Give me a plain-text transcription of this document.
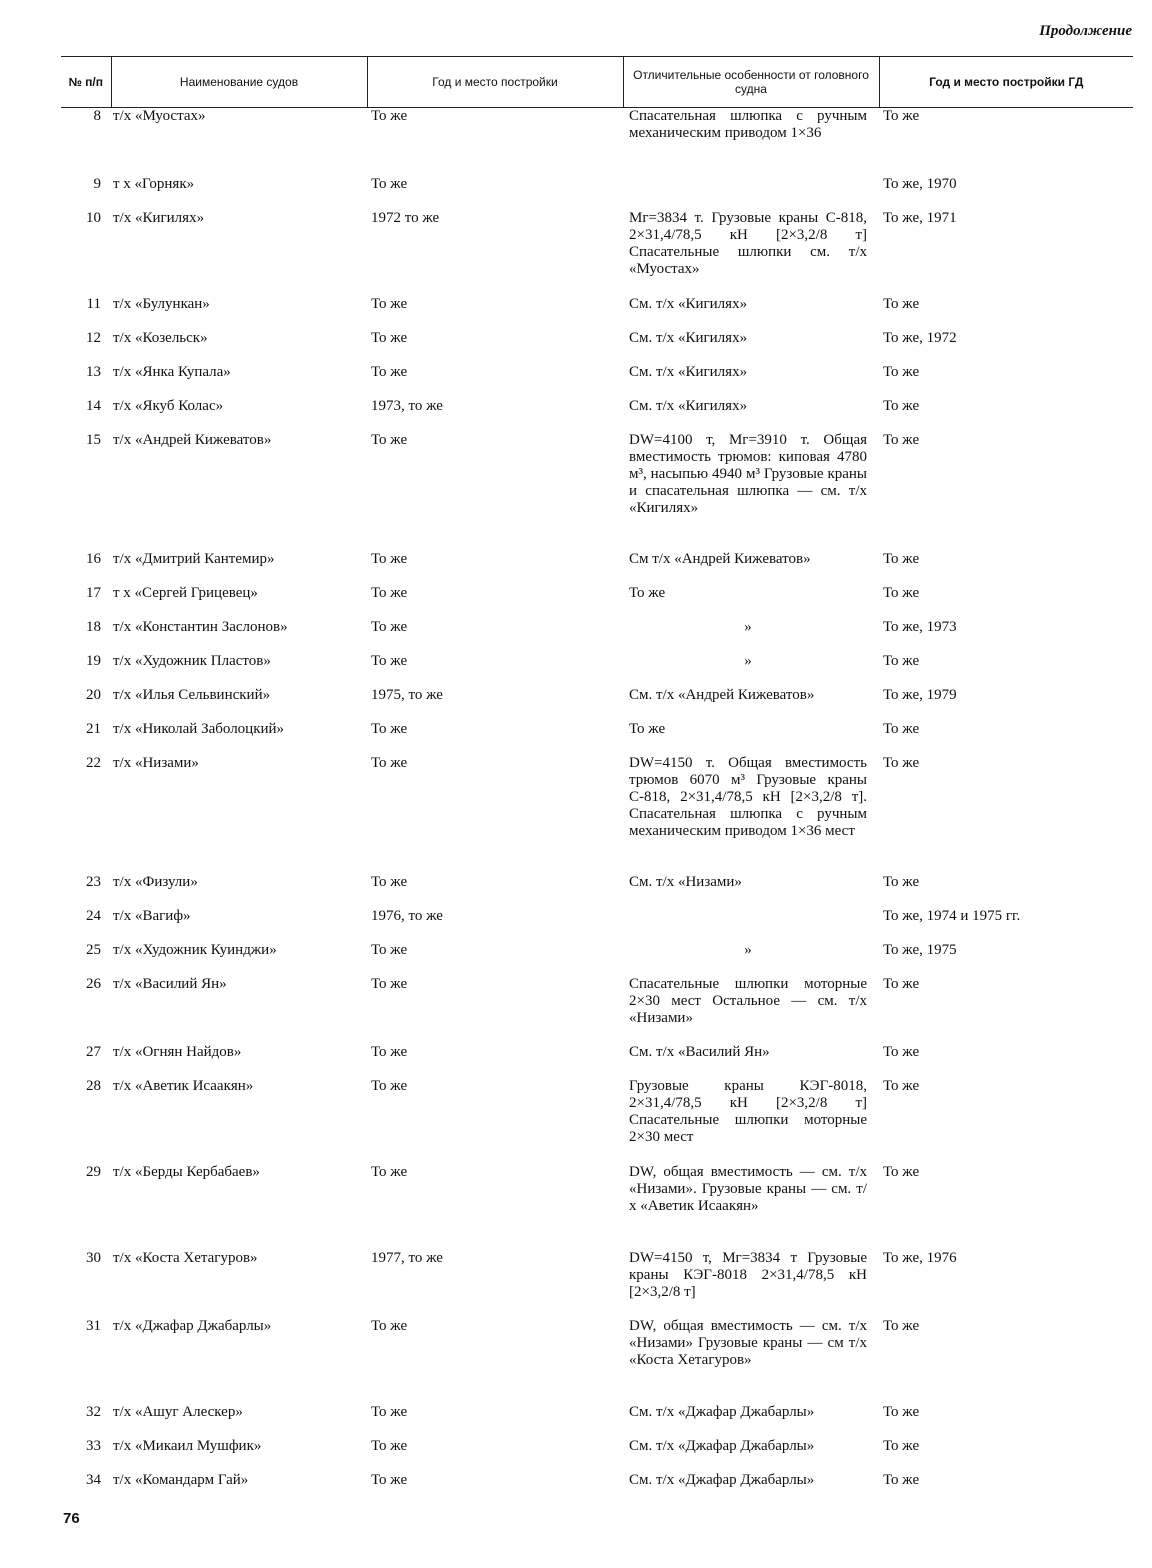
Продолжение
№ п/п	Наименование судов	Год и место постройки	Отличительные особенности от головного судна	Год и место постройки ГД
8	т/х «Муостах»	То же	Спасательная шлюпка с ручным механическим приводом 1×36	То же
9	т х «Горняк»	То же		То же, 1970
10	т/х «Кигилях»	1972 то же	Mг=3834 т. Грузовые краны С-818, 2×31,4/78,5 кН [2×3,2/8 т] Спасательные шлюпки см. т/х «Муостах»	То же, 1971
11	т/х «Булункан»	То же	См. т/х «Кигилях»	То же
12	т/х «Козельск»	То же	См. т/х «Кигилях»	То же, 1972
13	т/х «Янка Купала»	То же	См. т/х «Кигилях»	То же
14	т/х «Якуб Колас»	1973, то же	См. т/х «Кигилях»	То же
15	т/х «Андрей Кижеватов»	То же	DW=4100 т, Mг=3910 т. Общая вместимость трюмов: киповая 4780 м³, насыпью 4940 м³ Грузовые краны и спасательная шлюпка — см. т/х «Кигилях»	То же
16	т/х «Дмитрий Кантемир»	То же	См т/х «Андрей Кижеватов»	То же
17	т х «Сергей Грицевец»	То же	То же	То же
18	т/х «Константин Заслонов»	То же	»	То же, 1973
19	т/х «Художник Пластов»	То же	»	То же
20	т/х «Илья Сельвинский»	1975, то же	См. т/х «Андрей Кижеватов»	То же, 1979
21	т/х «Николай Заболоцкий»	То же	То же	То же
22	т/х «Низами»	То же	DW=4150 т. Общая вместимость трюмов 6070 м³ Грузовые краны С-818, 2×31,4/78,5 кН [2×3,2/8 т]. Спасательная шлюпка с ручным механическим приводом 1×36 мест	То же
23	т/х «Физули»	То же	См. т/х «Низами»	То же
24	т/х «Вагиф»	1976, то же		То же, 1974 и 1975 гг.
25	т/х «Художник Куинджи»	То же	»	То же, 1975
26	т/х «Василий Ян»	То же	Спасательные шлюпки моторные 2×30 мест Остальное — см. т/х «Низами»	То же
27	т/х «Огнян Найдов»	То же	См. т/х «Василий Ян»	То же
28	т/х «Аветик Исаакян»	То же	Грузовые краны КЭГ-8018, 2×31,4/78,5 кН [2×3,2/8 т] Спасательные шлюпки моторные 2×30 мест	То же
29	т/х «Берды Кербабаев»	То же	DW, общая вместимость — см. т/х «Низами». Грузовые краны — см. т/х «Аветик Исаакян»	То же
30	т/х «Коста Хетагуров»	1977, то же	DW=4150 т, Mг=3834 т Грузовые краны КЭГ-8018 2×31,4/78,5 кН [2×3,2/8 т]	То же, 1976
31	т/х «Джафар Джабарлы»	То же	DW, общая вместимость — см. т/х «Низами» Грузовые краны — см т/х «Коста Хетагуров»	То же
32	т/х «Ашуг Алескер»	То же	См. т/х «Джафар Джабарлы»	То же
33	т/х «Микаил Мушфик»	То же	См. т/х «Джафар Джабарлы»	То же
34	т/х «Командарм Гай»	То же	См. т/х «Джафар Джабарлы»	То же
76
